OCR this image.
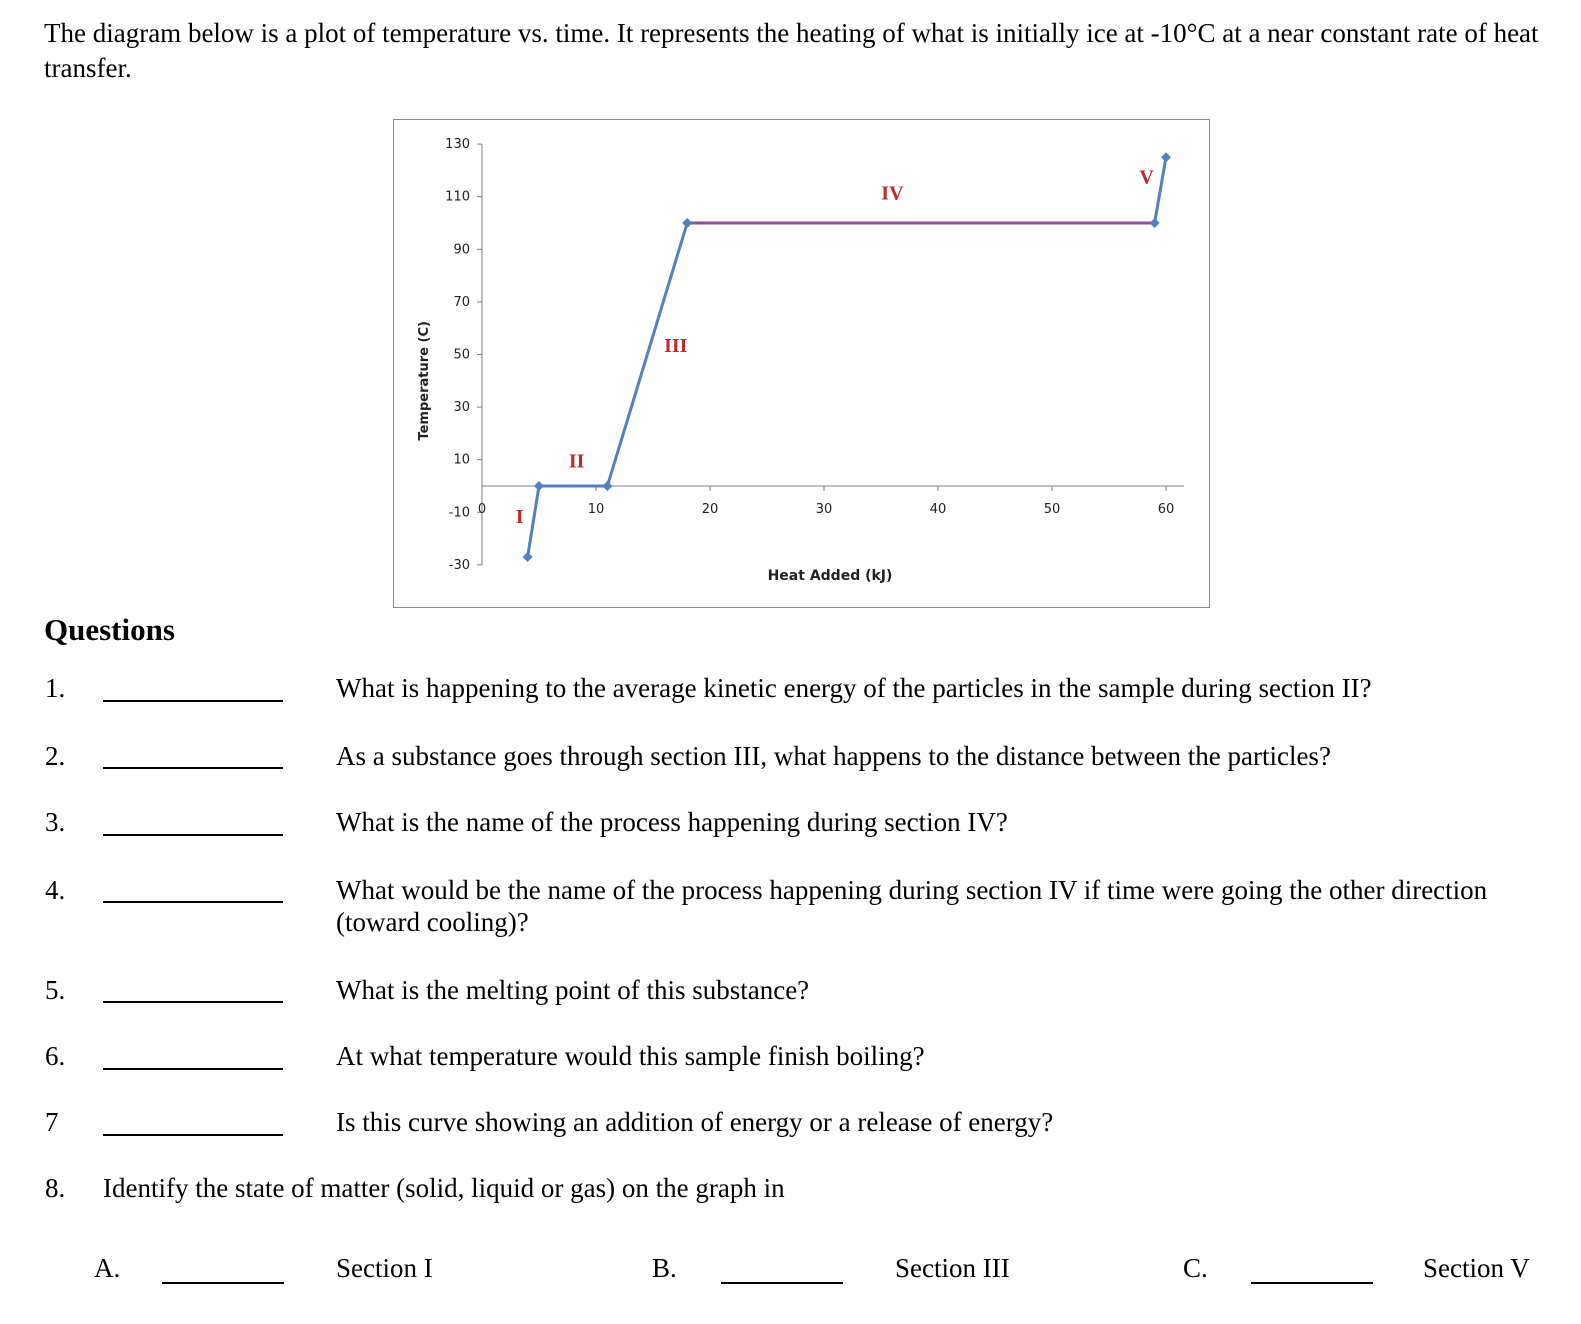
The diagram below is a plot of temperature vs. time. It represents the heating of what is initially ice at -10°C at a near constant rate of heat transfer.
-30
-10
10
30
50
70
90
110
130
0	10	20	30	40	50	60
Heat Added (kJ)
Temperature (C)
I
II
III
IV
V
Questions
1.	What is happening to the average kinetic energy of the particles in the sample during section II?
2.	As a substance goes through section III, what happens to the distance between the particles?
3.	What is the name of the process happening during section IV?
4.	What would be the name of the process happening during section IV if time were going the other direction (toward cooling)?
5.	What is the melting point of this substance?
6.	At what temperature would this sample finish boiling?
7	Is this curve showing an addition of energy or a release of energy?
8. Identify the state of matter (solid, liquid or gas) on the graph in
A.	Section I	B.	Section III	C.	Section V
